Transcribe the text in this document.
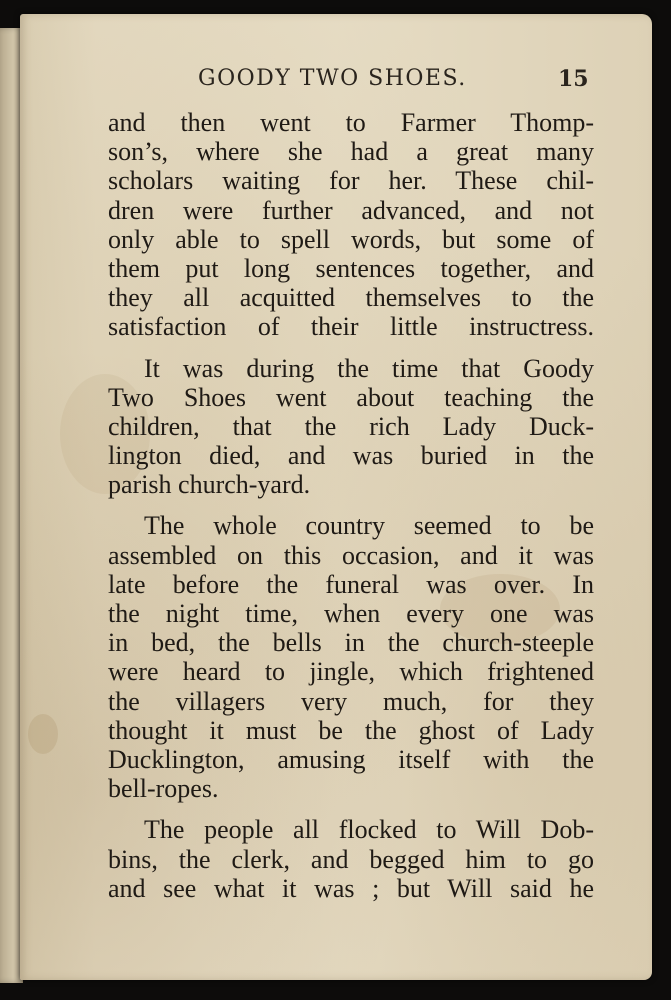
GOODY TWO SHOES.	15
and then went to Farmer Thomp-
son’s, where she had a great many
scholars waiting for her. These chil-
dren were further advanced, and not
only able to spell words, but some of
them put long sentences together, and
they all acquitted themselves to the
satisfaction of their little instructress.
It was during the time that Goody
Two Shoes went about teaching the
children, that the rich Lady Duck-
lington died, and was buried in the
parish church-yard.
The whole country seemed to be
assembled on this occasion, and it was
late before the funeral was over. In
the night time, when every one was
in bed, the bells in the church-steeple
were heard to jingle, which frightened
the villagers very much, for they
thought it must be the ghost of Lady
Ducklington, amusing itself with the
bell-ropes.
The people all flocked to Will Dob-
bins, the clerk, and begged him to go
and see what it was ; but Will said he
